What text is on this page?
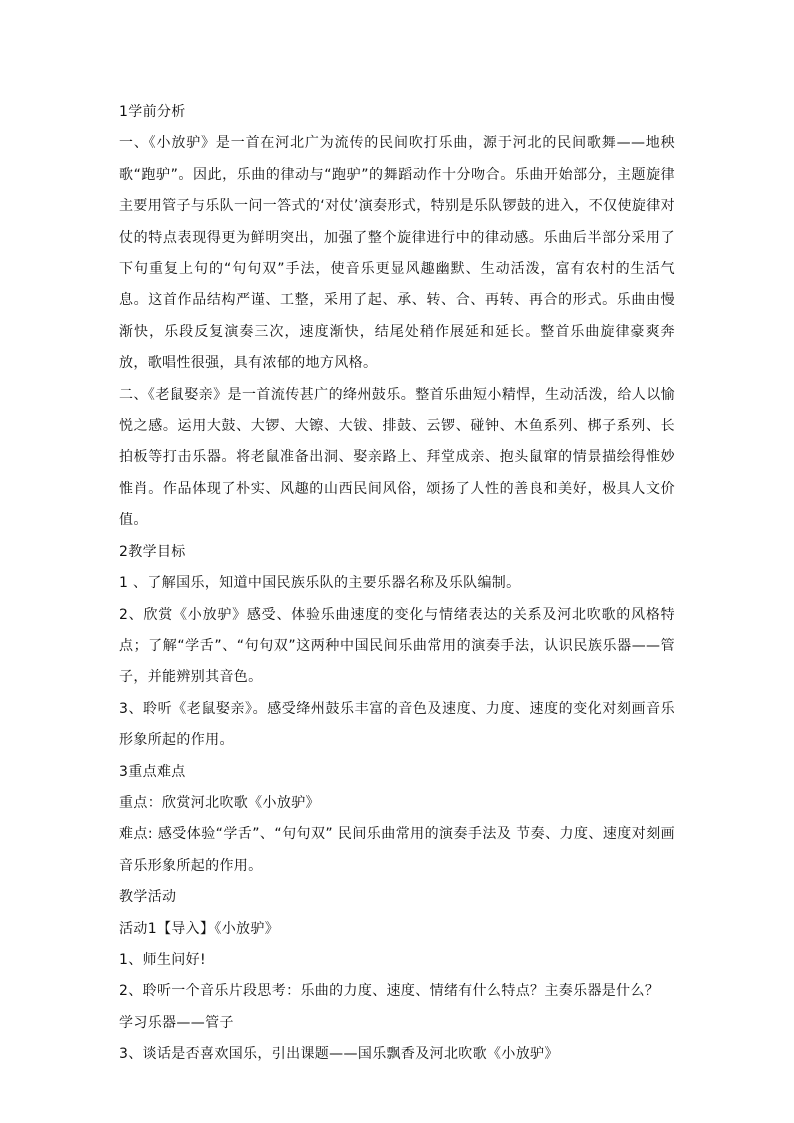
1学前分析

一、《小放驴》是一首在河北广为流传的民间吹打乐曲，源于河北的民间歌舞——地秧歌“跑驴”。因此，乐曲的律动与“跑驴”的舞蹈动作十分吻合。乐曲开始部分，主题旋律主要用管子与乐队一问一答式的‘对仗’演奏形式，特别是乐队锣鼓的进入，不仅使旋律对仗的特点表现得更为鲜明突出，加强了整个旋律进行中的律动感。乐曲后半部分采用了下句重复上句的“句句双”手法，使音乐更显风趣幽默、生动活泼，富有农村的生活气息。这首作品结构严谨、工整，采用了起、承、转、合、再转、再合的形式。乐曲由慢渐快，乐段反复演奏三次，速度渐快，结尾处稍作展延和延长。整首乐曲旋律豪爽奔放，歌唱性很强，具有浓郁的地方风格。

二、《老鼠娶亲》是一首流传甚广的绛州鼓乐。整首乐曲短小精悍，生动活泼，给人以愉悦之感。运用大鼓、大锣、大镲、大钹、排鼓、云锣、碰钟、木鱼系列、梆子系列、长拍板等打击乐器。将老鼠准备出洞、娶亲路上、拜堂成亲、抱头鼠窜的情景描绘得惟妙惟肖。作品体现了朴实、风趣的山西民间风俗，颂扬了人性的善良和美好，极具人文价值。

2教学目标

1 、了解国乐，知道中国民族乐队的主要乐器名称及乐队编制。

2、欣赏《小放驴》感受、体验乐曲速度的变化与情绪表达的关系及河北吹歌的风格特点；了解“学舌”、“句句双”这两种中国民间乐曲常用的演奏手法，认识民族乐器——管子，并能辨别其音色。

3、聆听《老鼠娶亲》。感受绛州鼓乐丰富的音色及速度、力度、速度的变化对刻画音乐形象所起的作用。

3重点难点

重点：欣赏河北吹歌《小放驴》

难点: 感受体验“学舌”、“句句双” 民间乐曲常用的演奏手法及 节奏、力度、速度对刻画音乐形象所起的作用。

教学活动

活动1【导入】《小放驴》

1、师生问好!

2、聆听一个音乐片段思考：乐曲的力度、速度、情绪有什么特点？主奏乐器是什么？

学习乐器——管子

3、谈话是否喜欢国乐，引出课题——国乐飘香及河北吹歌《小放驴》
